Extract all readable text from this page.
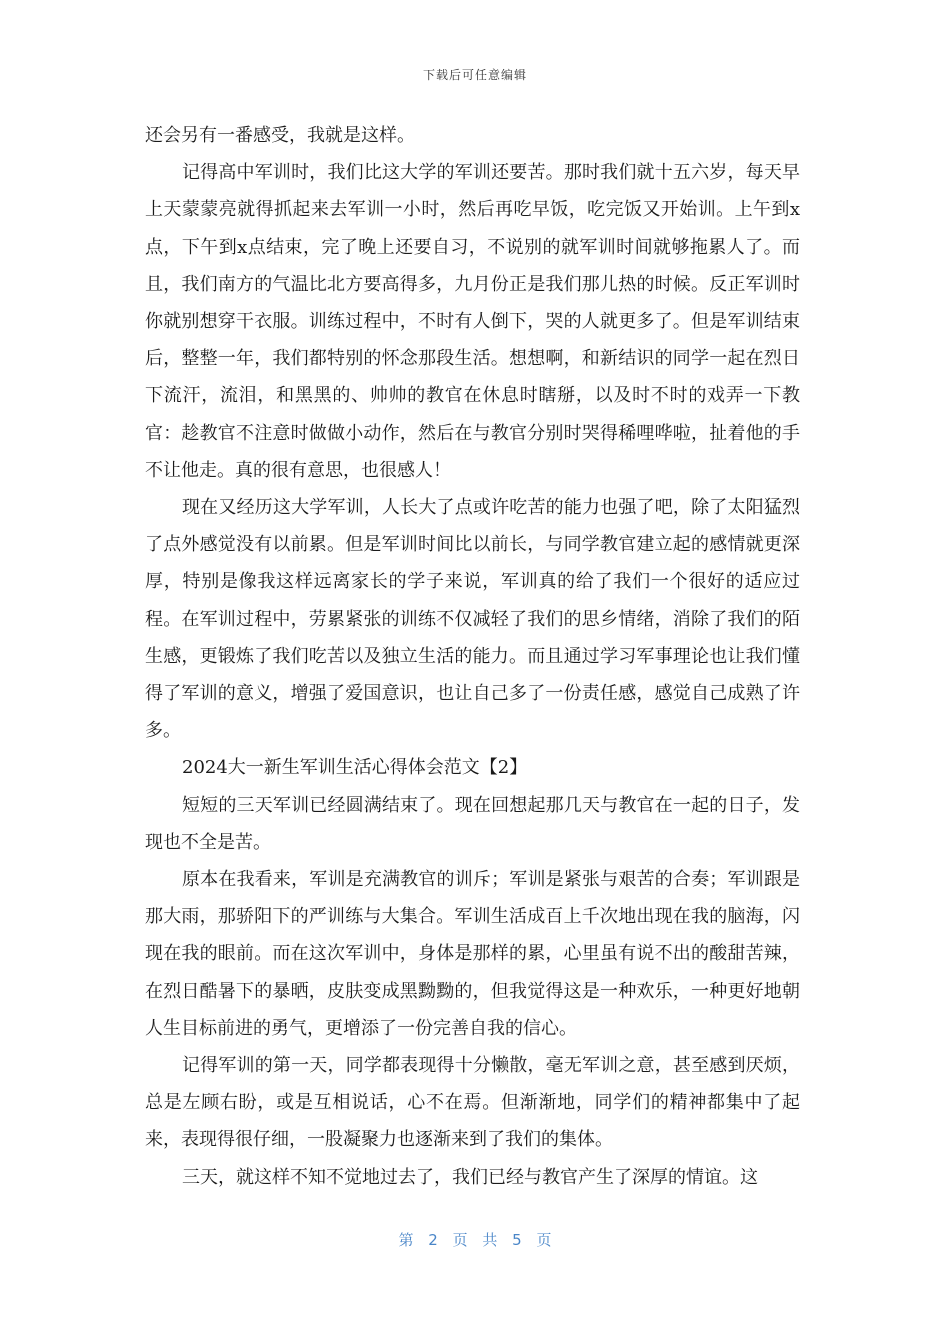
下载后可任意编辑

还会另有一番感受，我就是这样。

记得高中军训时，我们比这大学的军训还要苦。那时我们就十五六岁，每天早上天蒙蒙亮就得抓起来去军训一小时，然后再吃早饭，吃完饭又开始训。上午到x点，下午到x点结束，完了晚上还要自习，不说别的就军训时间就够拖累人了。而且，我们南方的气温比北方要高得多，九月份正是我们那儿热的时候。反正军训时你就别想穿干衣服。训练过程中，不时有人倒下，哭的人就更多了。但是军训结束后，整整一年，我们都特别的怀念那段生活。想想啊，和新结识的同学一起在烈日下流汗，流泪，和黑黑的、帅帅的教官在休息时瞎掰，以及时不时的戏弄一下教官：趁教官不注意时做做小动作，然后在与教官分别时哭得稀哩哗啦，扯着他的手不让他走。真的很有意思，也很感人！

现在又经历这大学军训，人长大了点或许吃苦的能力也强了吧，除了太阳猛烈了点外感觉没有以前累。但是军训时间比以前长，与同学教官建立起的感情就更深厚，特别是像我这样远离家长的学子来说，军训真的给了我们一个很好的适应过程。在军训过程中，劳累紧张的训练不仅减轻了我们的思乡情绪，消除了我们的陌生感，更锻炼了我们吃苦以及独立生活的能力。而且通过学习军事理论也让我们懂得了军训的意义，增强了爱国意识，也让自己多了一份责任感，感觉自己成熟了许多。

2024大一新生军训生活心得体会范文【2】

短短的三天军训已经圆满结束了。现在回想起那几天与教官在一起的日子，发现也不全是苦。

原本在我看来，军训是充满教官的训斥；军训是紧张与艰苦的合奏；军训跟是那大雨，那骄阳下的严训练与大集合。军训生活成百上千次地出现在我的脑海，闪现在我的眼前。而在这次军训中，身体是那样的累，心里虽有说不出的酸甜苦辣，在烈日酷暑下的暴晒，皮肤变成黑黝黝的，但我觉得这是一种欢乐，一种更好地朝人生目标前进的勇气，更增添了一份完善自我的信心。

记得军训的第一天，同学都表现得十分懒散，毫无军训之意，甚至感到厌烦，总是左顾右盼，或是互相说话，心不在焉。但渐渐地，同学们的精神都集中了起来，表现得很仔细，一股凝聚力也逐渐来到了我们的集体。

三天，就这样不知不觉地过去了，我们已经与教官产生了深厚的情谊。这

第 2 页 共 5 页
